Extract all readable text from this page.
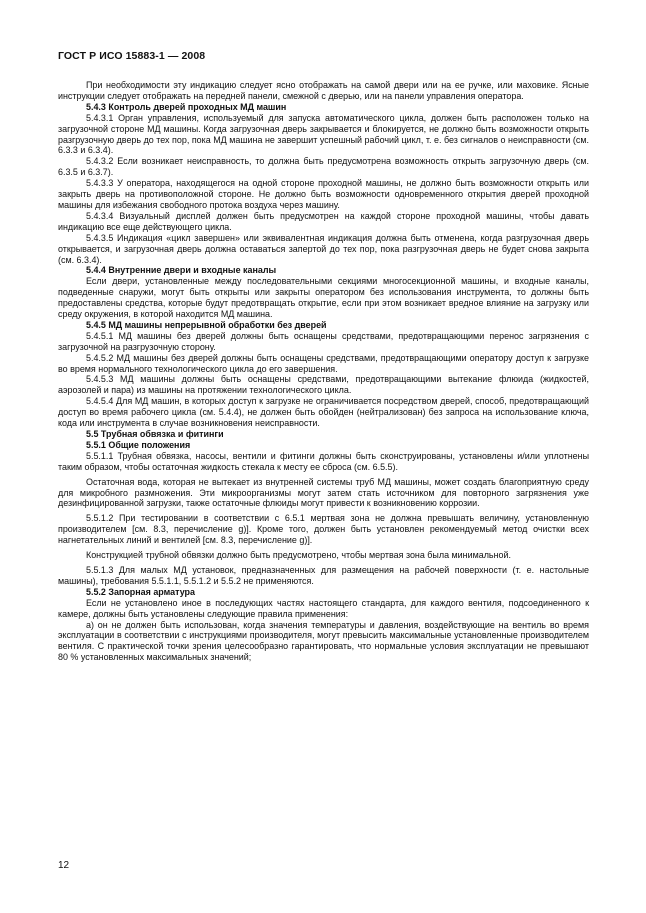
ГОСТ Р ИСО 15883-1 — 2008

При необходимости эту индикацию следует ясно отображать на самой двери или на ее ручке, или маховике. Ясные инструкции следует отображать на передней панели, смежной с дверью, или на панели управления оператора.

5.4.3 Контроль дверей проходных МД машин

5.4.3.1 Орган управления, используемый для запуска автоматического цикла, должен быть расположен только на загрузочной стороне МД машины. Когда загрузочная дверь закрывается и блокируется, не должно быть возможности открыть разгрузочную дверь до тех пор, пока МД машина не завершит успешный рабочий цикл, т. е. без сигналов о неисправности (см. 6.3.3 и 6.3.4).

5.4.3.2 Если возникает неисправность, то должна быть предусмотрена возможность открыть загрузочную дверь (см. 6.3.5 и 6.3.7).

5.4.3.3 У оператора, находящегося на одной стороне проходной машины, не должно быть возможности открыть или закрыть дверь на противоположной стороне. Не должно быть возможности одновременного открытия дверей проходной машины для избежания свободного протока воздуха через машину.

5.4.3.4 Визуальный дисплей должен быть предусмотрен на каждой стороне проходной машины, чтобы давать индикацию все еще действующего цикла.

5.4.3.5 Индикация «цикл завершен» или эквивалентная индикация должна быть отменена, когда разгрузочная дверь открывается, и загрузочная дверь должна оставаться запертой до тех пор, пока разгрузочная дверь не будет снова закрыта (см. 6.3.4).

5.4.4 Внутренние двери и входные каналы

Если двери, установленные между последовательными секциями многосекционной машины, и входные каналы, подведенные снаружи, могут быть открыты или закрыты оператором без использования инструмента, то должны быть предоставлены средства, которые будут предотвращать открытие, если при этом возникает вредное влияние на загрузку или среду окружения, в которой находится МД машина.

5.4.5 МД машины непрерывной обработки без дверей

5.4.5.1 МД машины без дверей должны быть оснащены средствами, предотвращающими перенос загрязнения с загрузочной на разгрузочную сторону.

5.4.5.2 МД машины без дверей должны быть оснащены средствами, предотвращающими оператору доступ к загрузке во время нормального технологического цикла до его завершения.

5.4.5.3 МД машины должны быть оснащены средствами, предотвращающими вытекание флюида (жидкостей, аэрозолей и пара) из машины на протяжении технологического цикла.

5.4.5.4 Для МД машин, в которых доступ к загрузке не ограничивается посредством дверей, способ, предотвращающий доступ во время рабочего цикла (см. 5.4.4), не должен быть обойден (нейтрализован) без запроса на использование ключа, кода или инструмента в случае возникновения неисправности.

5.5 Трубная обвязка и фитинги

5.5.1 Общие положения

5.5.1.1 Трубная обвязка, насосы, вентили и фитинги должны быть сконструированы, установлены и/или уплотнены таким образом, чтобы остаточная жидкость стекала к месту ее сброса (см. 6.5.5).

Остаточная вода, которая не вытекает из внутренней системы труб МД машины, может создать благоприятную среду для микробного размножения. Эти микроорганизмы могут затем стать источником для повторного загрязнения уже дезинфицированной загрузки, также остаточные флюиды могут привести к возникновению коррозии.

5.5.1.2 При тестировании в соответствии с 6.5.1 мертвая зона не должна превышать величину, установленную производителем [см. 8.3, перечисление g)]. Кроме того, должен быть установлен рекомендуемый метод очистки всех нагнетательных линий и вентилей [см. 8.3, перечисление g)].

Конструкцией трубной обвязки должно быть предусмотрено, чтобы мертвая зона была минимальной.

5.5.1.3 Для малых МД установок, предназначенных для размещения на рабочей поверхности (т. е. настольные машины), требования 5.5.1.1, 5.5.1.2 и 5.5.2 не применяются.

5.5.2 Запорная арматура

Если не установлено иное в последующих частях настоящего стандарта, для каждого вентиля, подсоединенного к камере, должны быть установлены следующие правила применения:

а) он не должен быть использован, когда значения температуры и давления, воздействующие на вентиль во время эксплуатации в соответствии с инструкциями производителя, могут превысить максимальные установленные производителем вентиля. С практической точки зрения целесообразно гарантировать, что нормальные условия эксплуатации не превышают 80 % установленных максимальных значений;

12
